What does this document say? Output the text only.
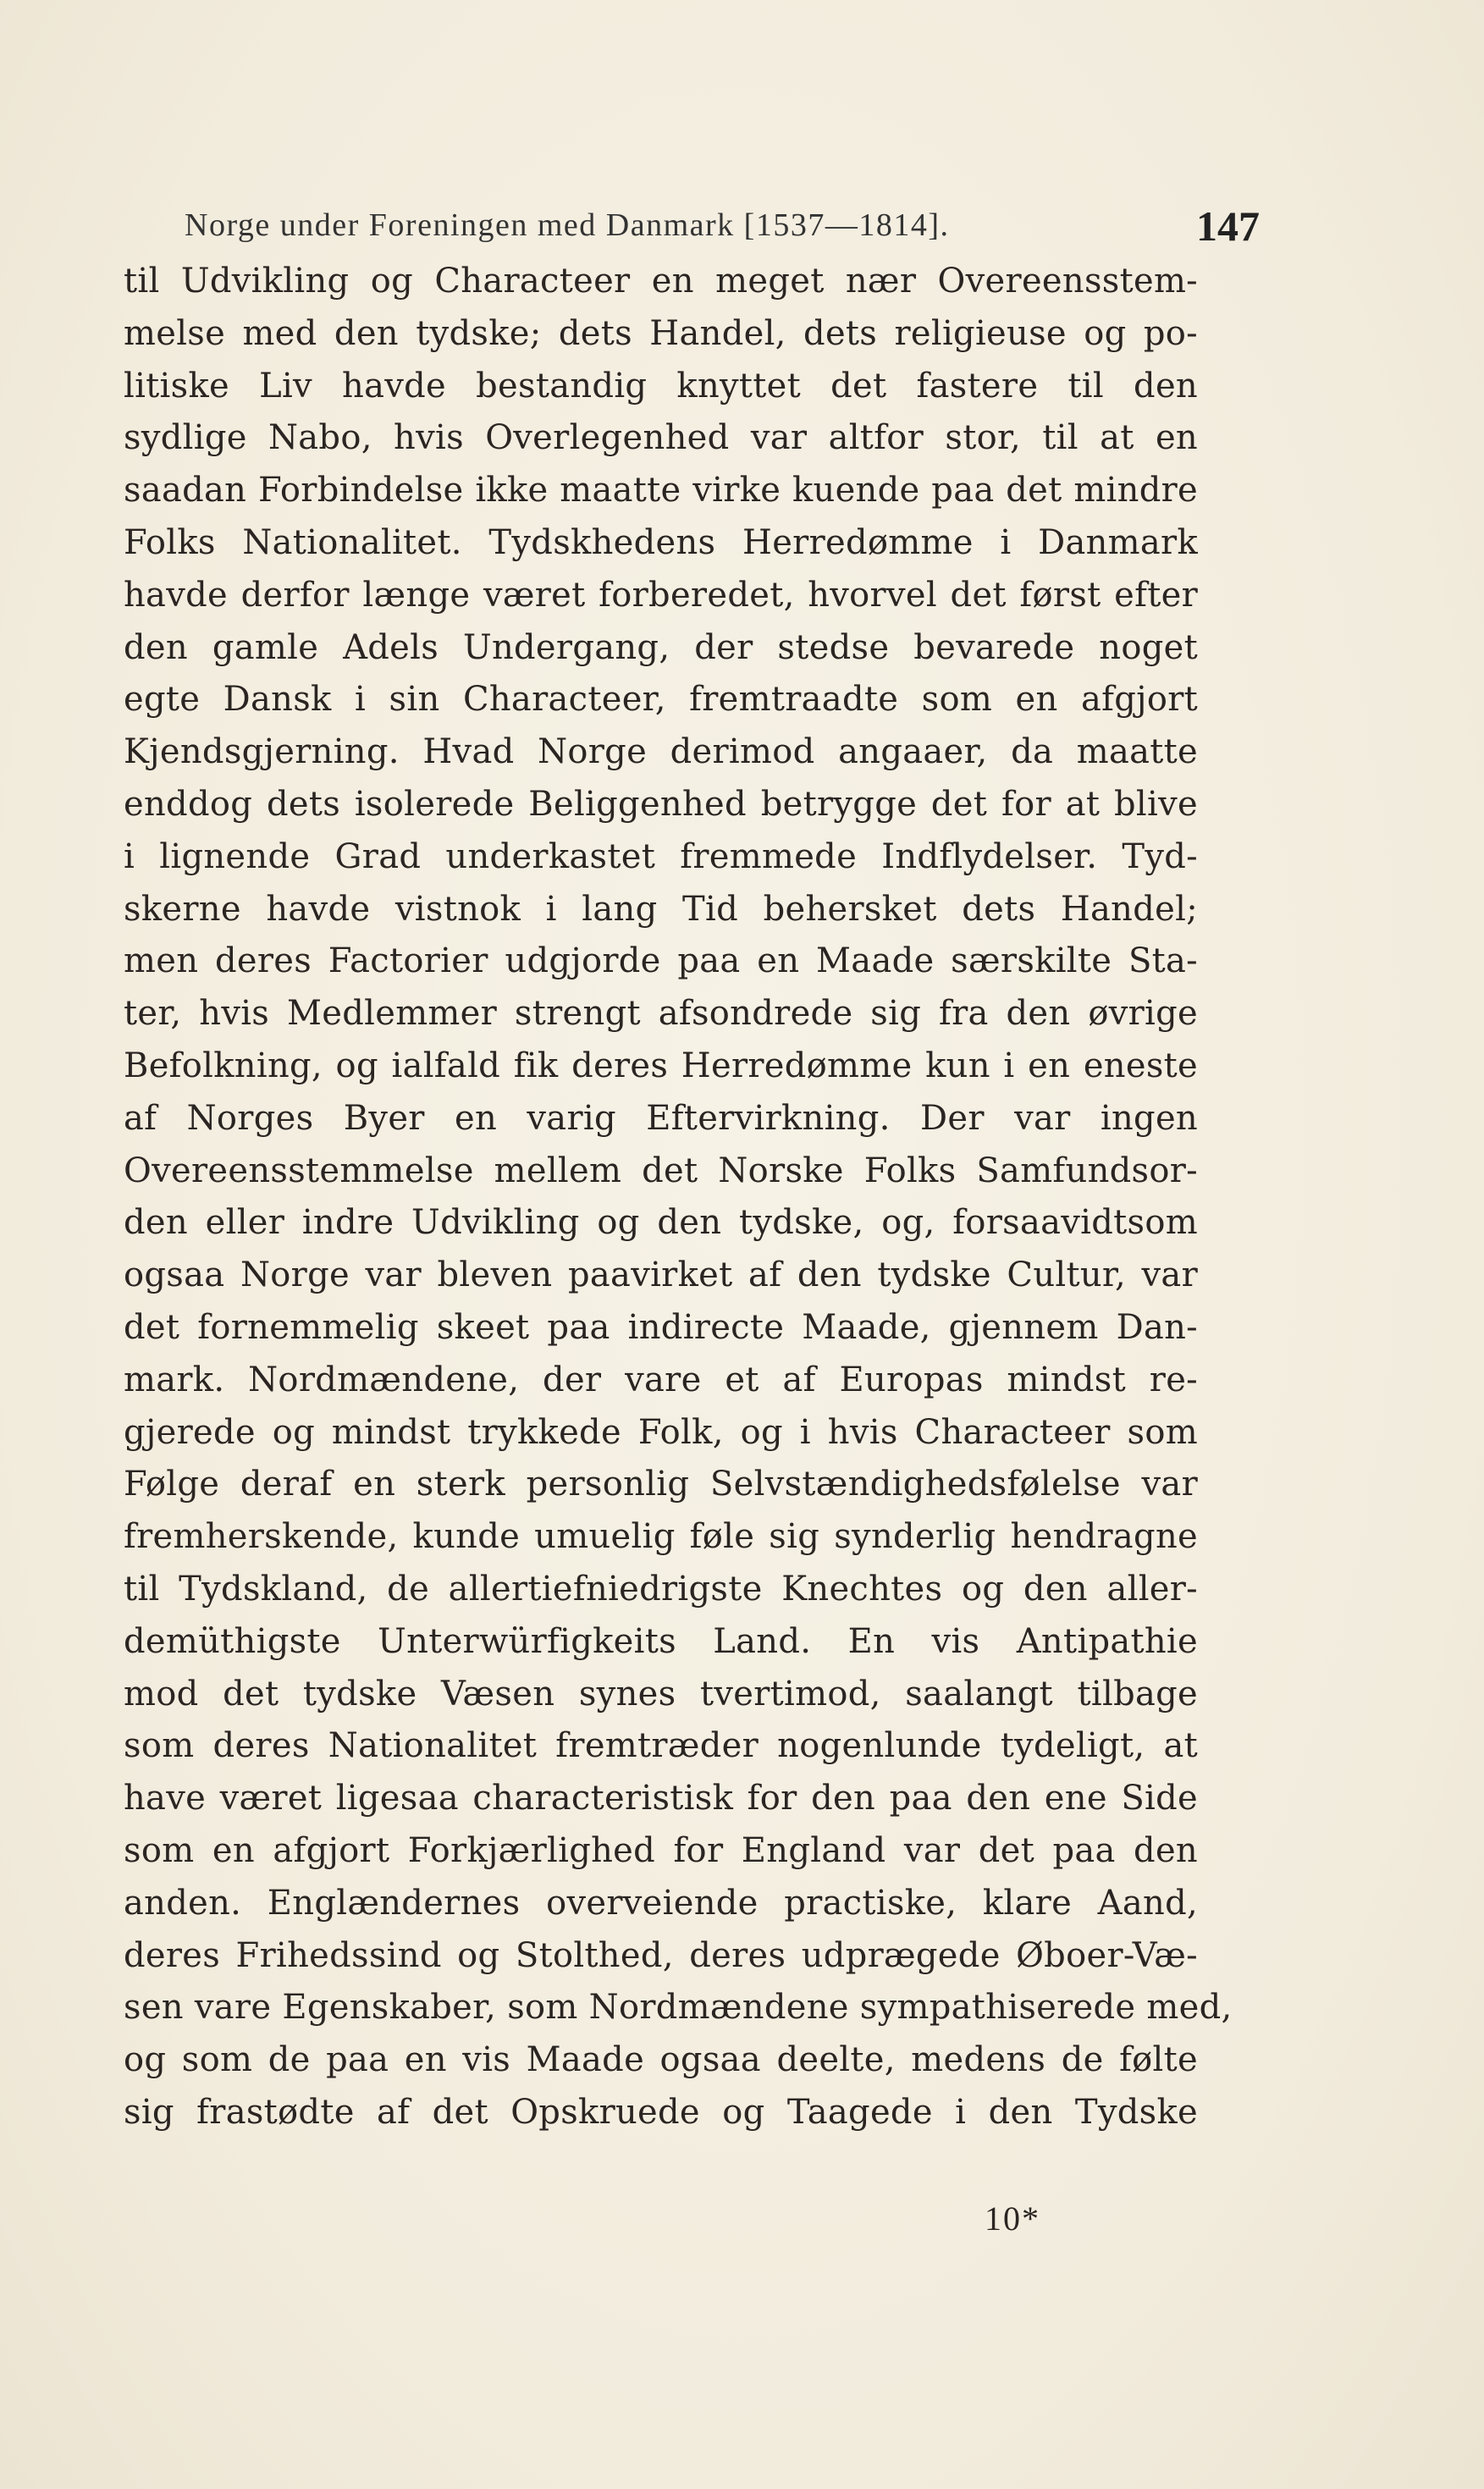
Norge under Foreningen med Danmark [1537—1814].	147
til Udvikling og Characteer en meget nær Overeensstem-
melse med den tydske; dets Handel, dets religieuse og po-
litiske Liv havde bestandig knyttet det fastere til den
sydlige Nabo, hvis Overlegenhed var altfor stor, til at en
saadan Forbindelse ikke maatte virke kuende paa det mindre
Folks Nationalitet. Tydskhedens Herredømme i Danmark
havde derfor længe været forberedet, hvorvel det først efter
den gamle Adels Undergang, der stedse bevarede noget
egte Dansk i sin Characteer, fremtraadte som en afgjort
Kjendsgjerning. Hvad Norge derimod angaaer, da maatte
enddog dets isolerede Beliggenhed betrygge det for at blive
i lignende Grad underkastet fremmede Indflydelser. Tyd-
skerne havde vistnok i lang Tid behersket dets Handel;
men deres Factorier udgjorde paa en Maade særskilte Sta-
ter, hvis Medlemmer strengt afsondrede sig fra den øvrige
Befolkning, og ialfald fik deres Herredømme kun i en eneste
af Norges Byer en varig Eftervirkning. Der var ingen
Overeensstemmelse mellem det Norske Folks Samfundsor-
den eller indre Udvikling og den tydske, og, forsaavidtsom
ogsaa Norge var bleven paavirket af den tydske Cultur, var
det fornemmelig skeet paa indirecte Maade, gjennem Dan-
mark. Nordmændene, der vare et af Europas mindst re-
gjerede og mindst trykkede Folk, og i hvis Characteer som
Følge deraf en sterk personlig Selvstændighedsfølelse var
fremherskende, kunde umuelig føle sig synderlig hendragne
til Tydskland, de allertiefniedrigste Knechtes og den aller-
demüthigste Unterwürfigkeits Land. En vis Antipathie
mod det tydske Væsen synes tvertimod, saalangt tilbage
som deres Nationalitet fremtræder nogenlunde tydeligt, at
have været ligesaa characteristisk for den paa den ene Side
som en afgjort Forkjærlighed for England var det paa den
anden. Englændernes overveiende practiske, klare Aand,
deres Frihedssind og Stolthed, deres udprægede Øboer-Væ-
sen vare Egenskaber, som Nordmændene sympathiserede med,
og som de paa en vis Maade ogsaa deelte, medens de følte
sig frastødte af det Opskruede og Taagede i den Tydske
10*
